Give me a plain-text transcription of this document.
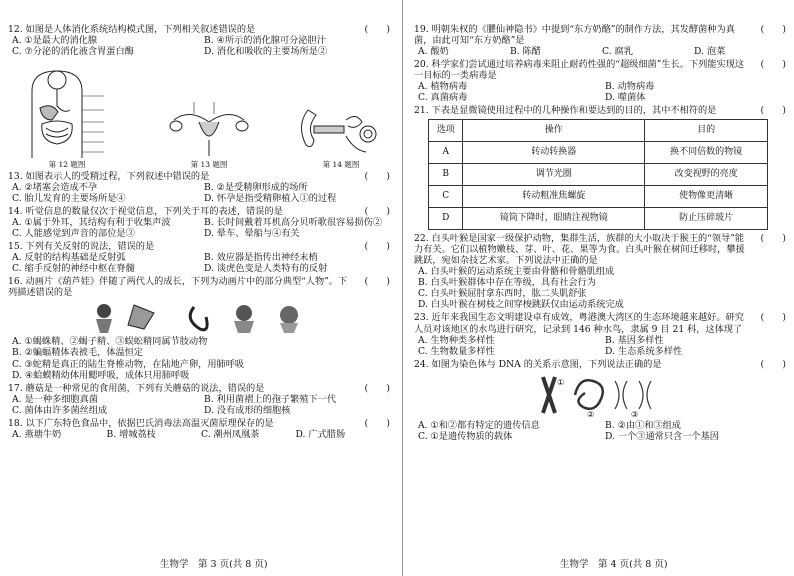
12. 如图是人体消化系统结构模式图，下列相关叙述错误的是	(　　)
A. ①是最大的消化腺	B. ④所示的消化腺可分泌胆汁
C. ⑦分泌的消化液含胃蛋白酶	D. 消化和吸收的主要场所是②
第 12 题图	第 13 题图	第 14 题图
13. 如图表示人的受精过程，下列叙述中错误的是	(　　)
A. ②堵塞会造成不孕	B. ②是受精卵形成的场所
C. 胎儿发育的主要场所是④	D. 怀孕是指受精卵植入①的过程
14. 听觉信息的数量仅次于视觉信息，下列关于耳的表述，错误的是	(　　)
A. ①属于外耳，其结构有利于收集声波	B. 长时间戴着耳机高分贝听歌很容易损伤②
C. 人能感觉到声音的部位是③	D. 晕车、晕船与④有关
15. 下列有关反射的说法，错误的是	(　　)
A. 反射的结构基础是反射弧	B. 效应器是指传出神经末梢
C. 缩手反射的神经中枢在脊髓	D. 谈虎色变是人类特有的反射
16. 动画片《葫芦娃》伴随了两代人的成长，下列为动画片中的部分典型“人物”。下列描述错误的是
(　　)
A. ①蝎蛛精、②蝎子精、③蜈蚣精同属节肢动物
B. ②蝙蝠精体表被毛，体温恒定
C. ③蛇精是真正的陆生脊椎动物，在陆地产卵，用肺呼吸
D. ④蛤蟆精幼体用鳃呼吸，成体只用肺呼吸
17. 蘑菇是一种常见的食用菌，下列有关蘑菇的说法，错误的是	(　　)
A. 是一种多细胞真菌	B. 利用菌褶上的孢子繁殖下一代
C. 菌体由许多菌丝组成	D. 没有成形的细胞核
18. 以下广东特色食品中，依据巴氏消毒法高温灭菌原理保存的是	(　　)
A. 燕塘牛奶	B. 增城荔枝	C. 潮州凤凰茶	D. 广式腊肠
19. 明朝朱权的《臞仙神隐书》中提到“东方奶酪”的制作方法，其发酵菌种为真菌，由此可知“东方奶酪”是
(　　)
A. 酸奶	B. 陈醋	C. 腐乳	D. 泡菜
20. 科学家们尝试通过培养病毒来阻止耐药性强的“超级细菌”生长。下列能实现这一目标的一类病毒是
(　　)
A. 植物病毒	B. 动物病毒
C. 真菌病毒	D. 噬菌体
21. 下表是显微镜使用过程中的几种操作和要达到的目的，其中不相符的是	(　　)
选项	操作	目的
A	转动转换器	换不同倍数的物镜
B	调节光圈	改变视野的亮度
C	转动粗准焦螺旋	使物像更清晰
D	镜筒下降时，眼睛注视物镜	防止压碎玻片
22. 白头叶猴是国家一级保护动物，集群生活，族群的大小取决于猴王的“领导”能力有关。它们以植物嫩枝、芽、叶、花、果等为食。白头叶猴在树间迁移时，攀援跳跃，宛如杂技艺术家。下列说法中正确的是
(　　)
A. 白头叶猴的运动系统主要由骨骼和骨骼肌组成
B. 白头叶猴群体中存在等级，具有社会行为
C. 白头叶猴屈肘拿东西时，肱二头肌舒张
D. 白头叶猴在树枝之间穿梭跳跃仅由运动系统完成
23. 近年来我国生态文明建设卓有成效，粤港澳大湾区的生态环境越来越好。研究人员对该地区的水鸟进行研究，记录到 146 种水鸟，隶属 9 目 21 科，这体现了
(　　)
A. 生物种类多样性	B. 基因多样性
C. 生物数量多样性	D. 生态系统多样性
24. 如图为染色体与 DNA 的关系示意图，下列说法正确的是	(　　)
①
②	③
A. ①和②都有特定的遗传信息	B. ②由①和③组成
C. ①是遗传物质的载体	D. 一个③通常只含一个基因
生物学　第 3 页(共 8 页)	生物学　第 4 页(共 8 页)
